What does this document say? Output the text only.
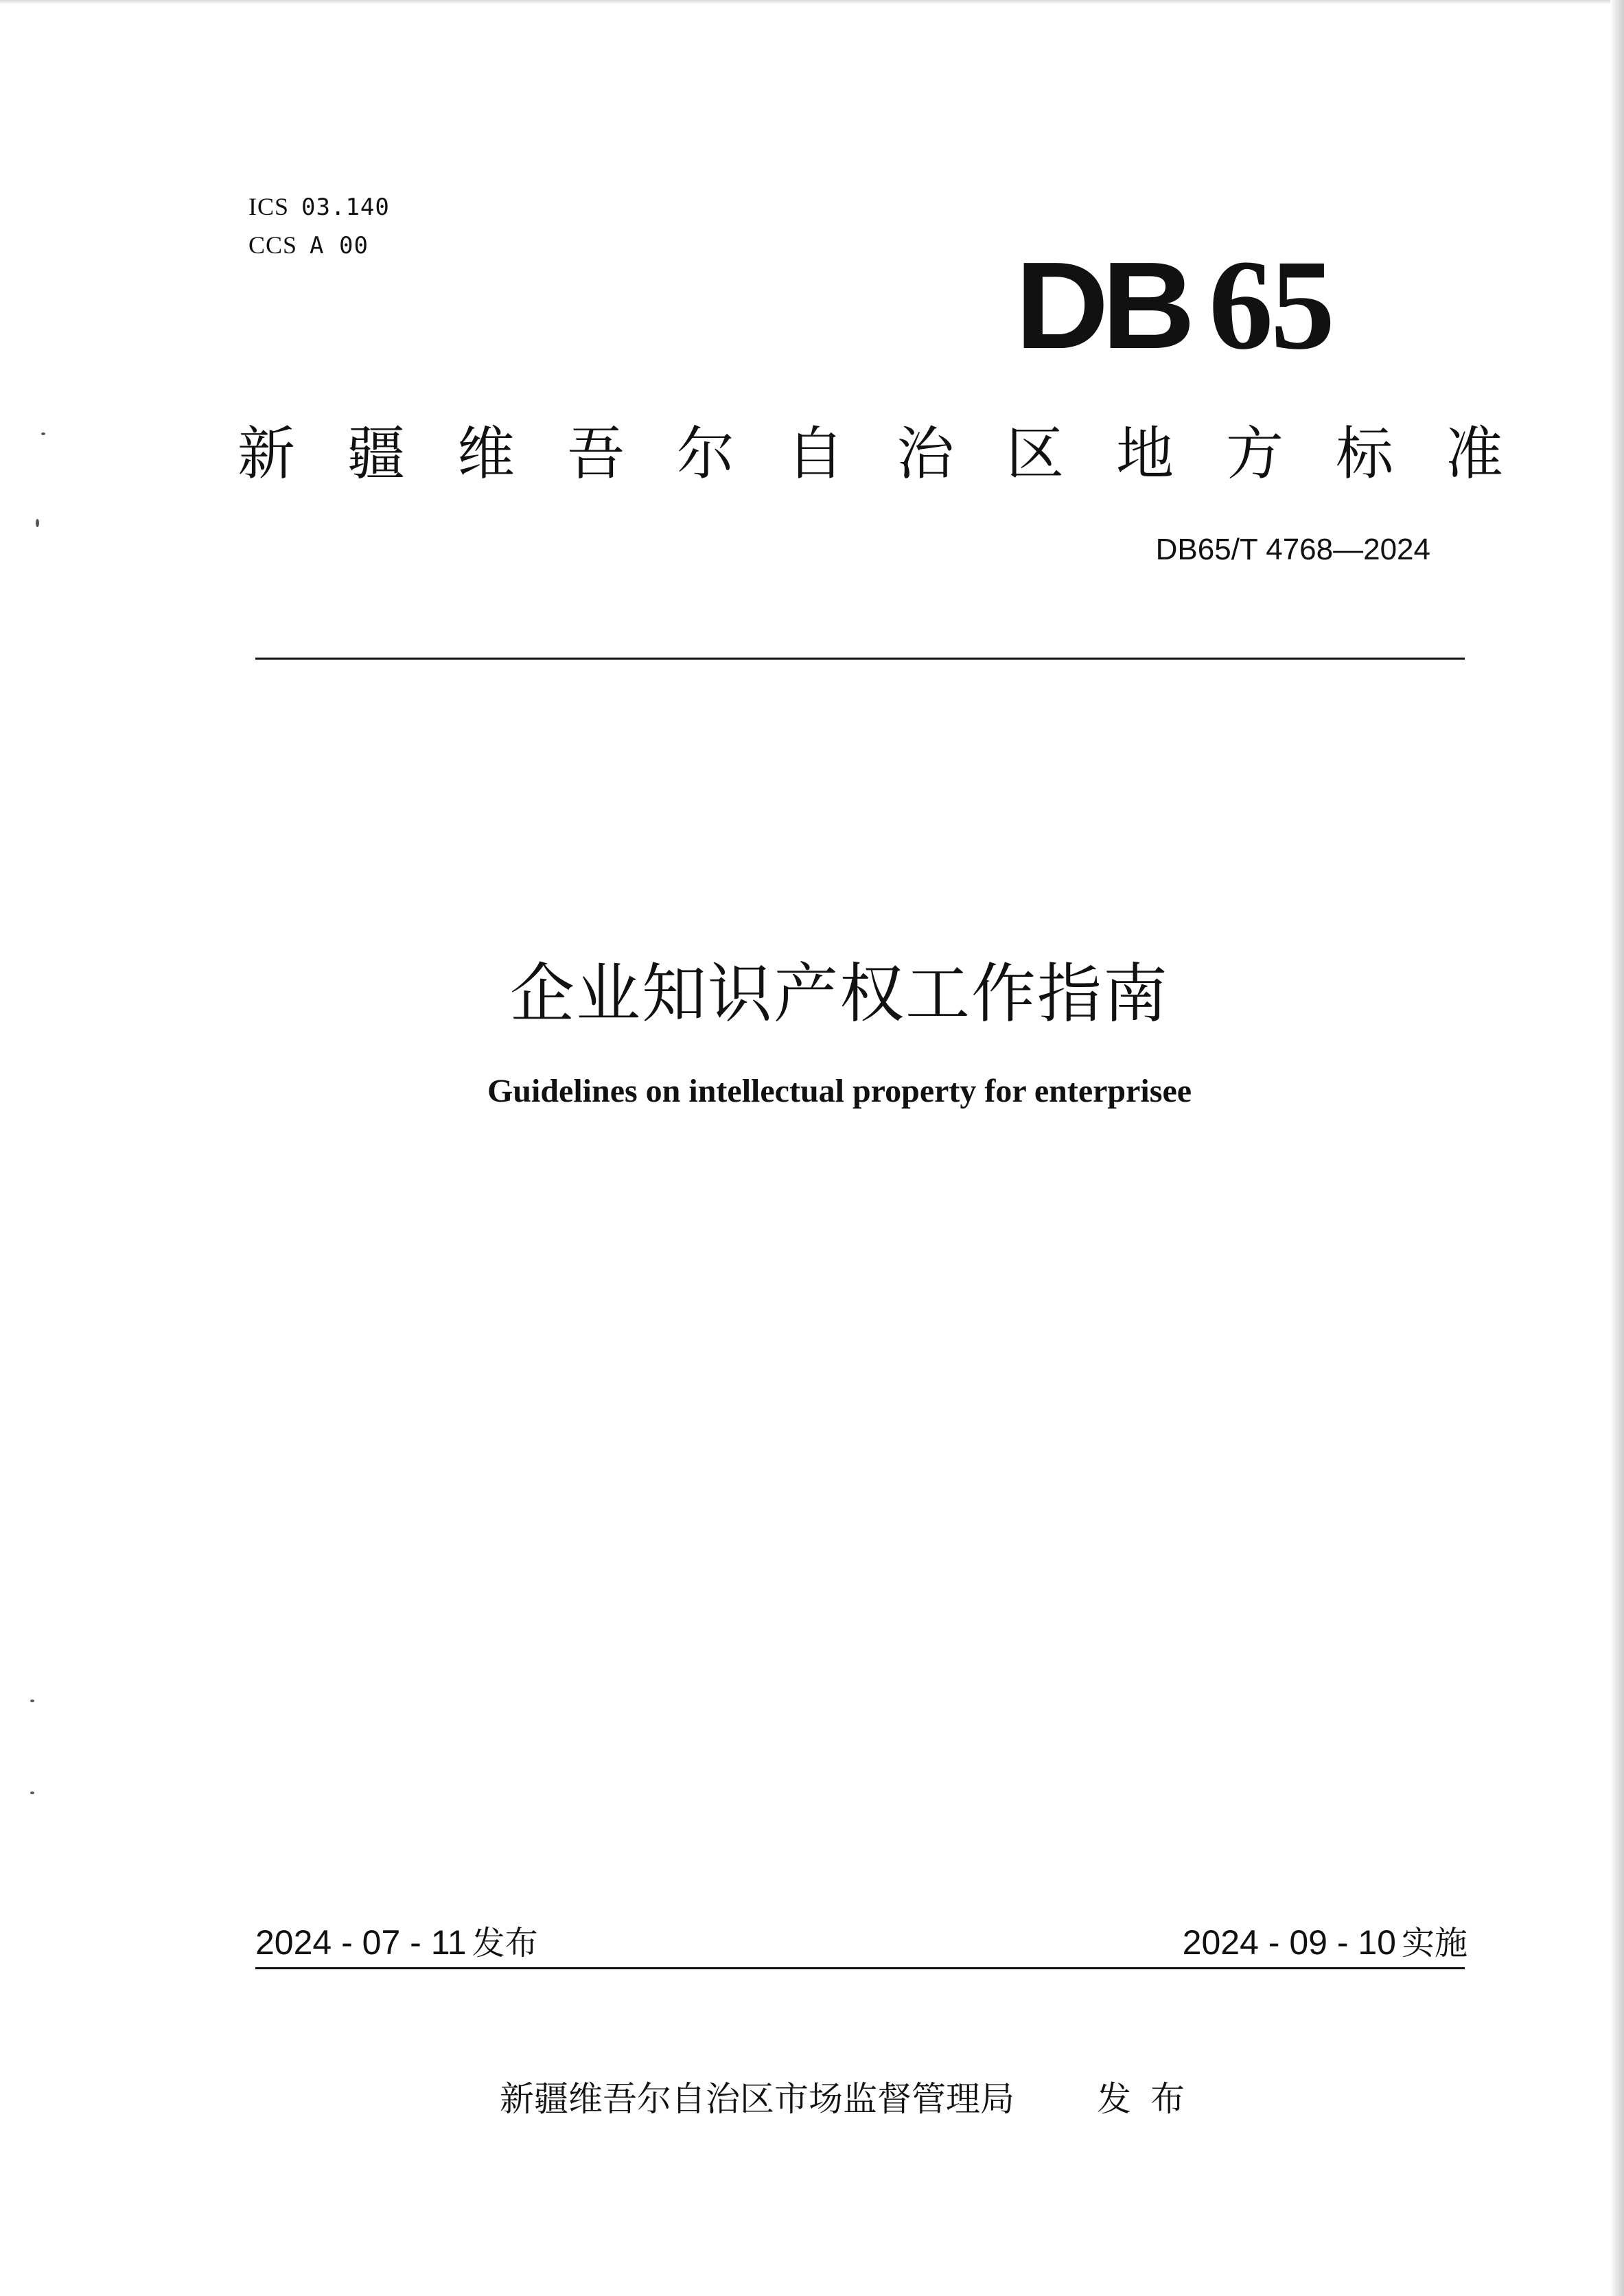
ICS 03.140
CCS A 00	DB 65
新疆维吾尔自治区地方标准
DB65/T 4768—2024
企业知识产权工作指南
Guidelines on intellectual property for enterprisee
2024 - 07 - 11 发布	2024 - 09 - 10 实施
新疆维吾尔自治区市场监督管理局 发布
